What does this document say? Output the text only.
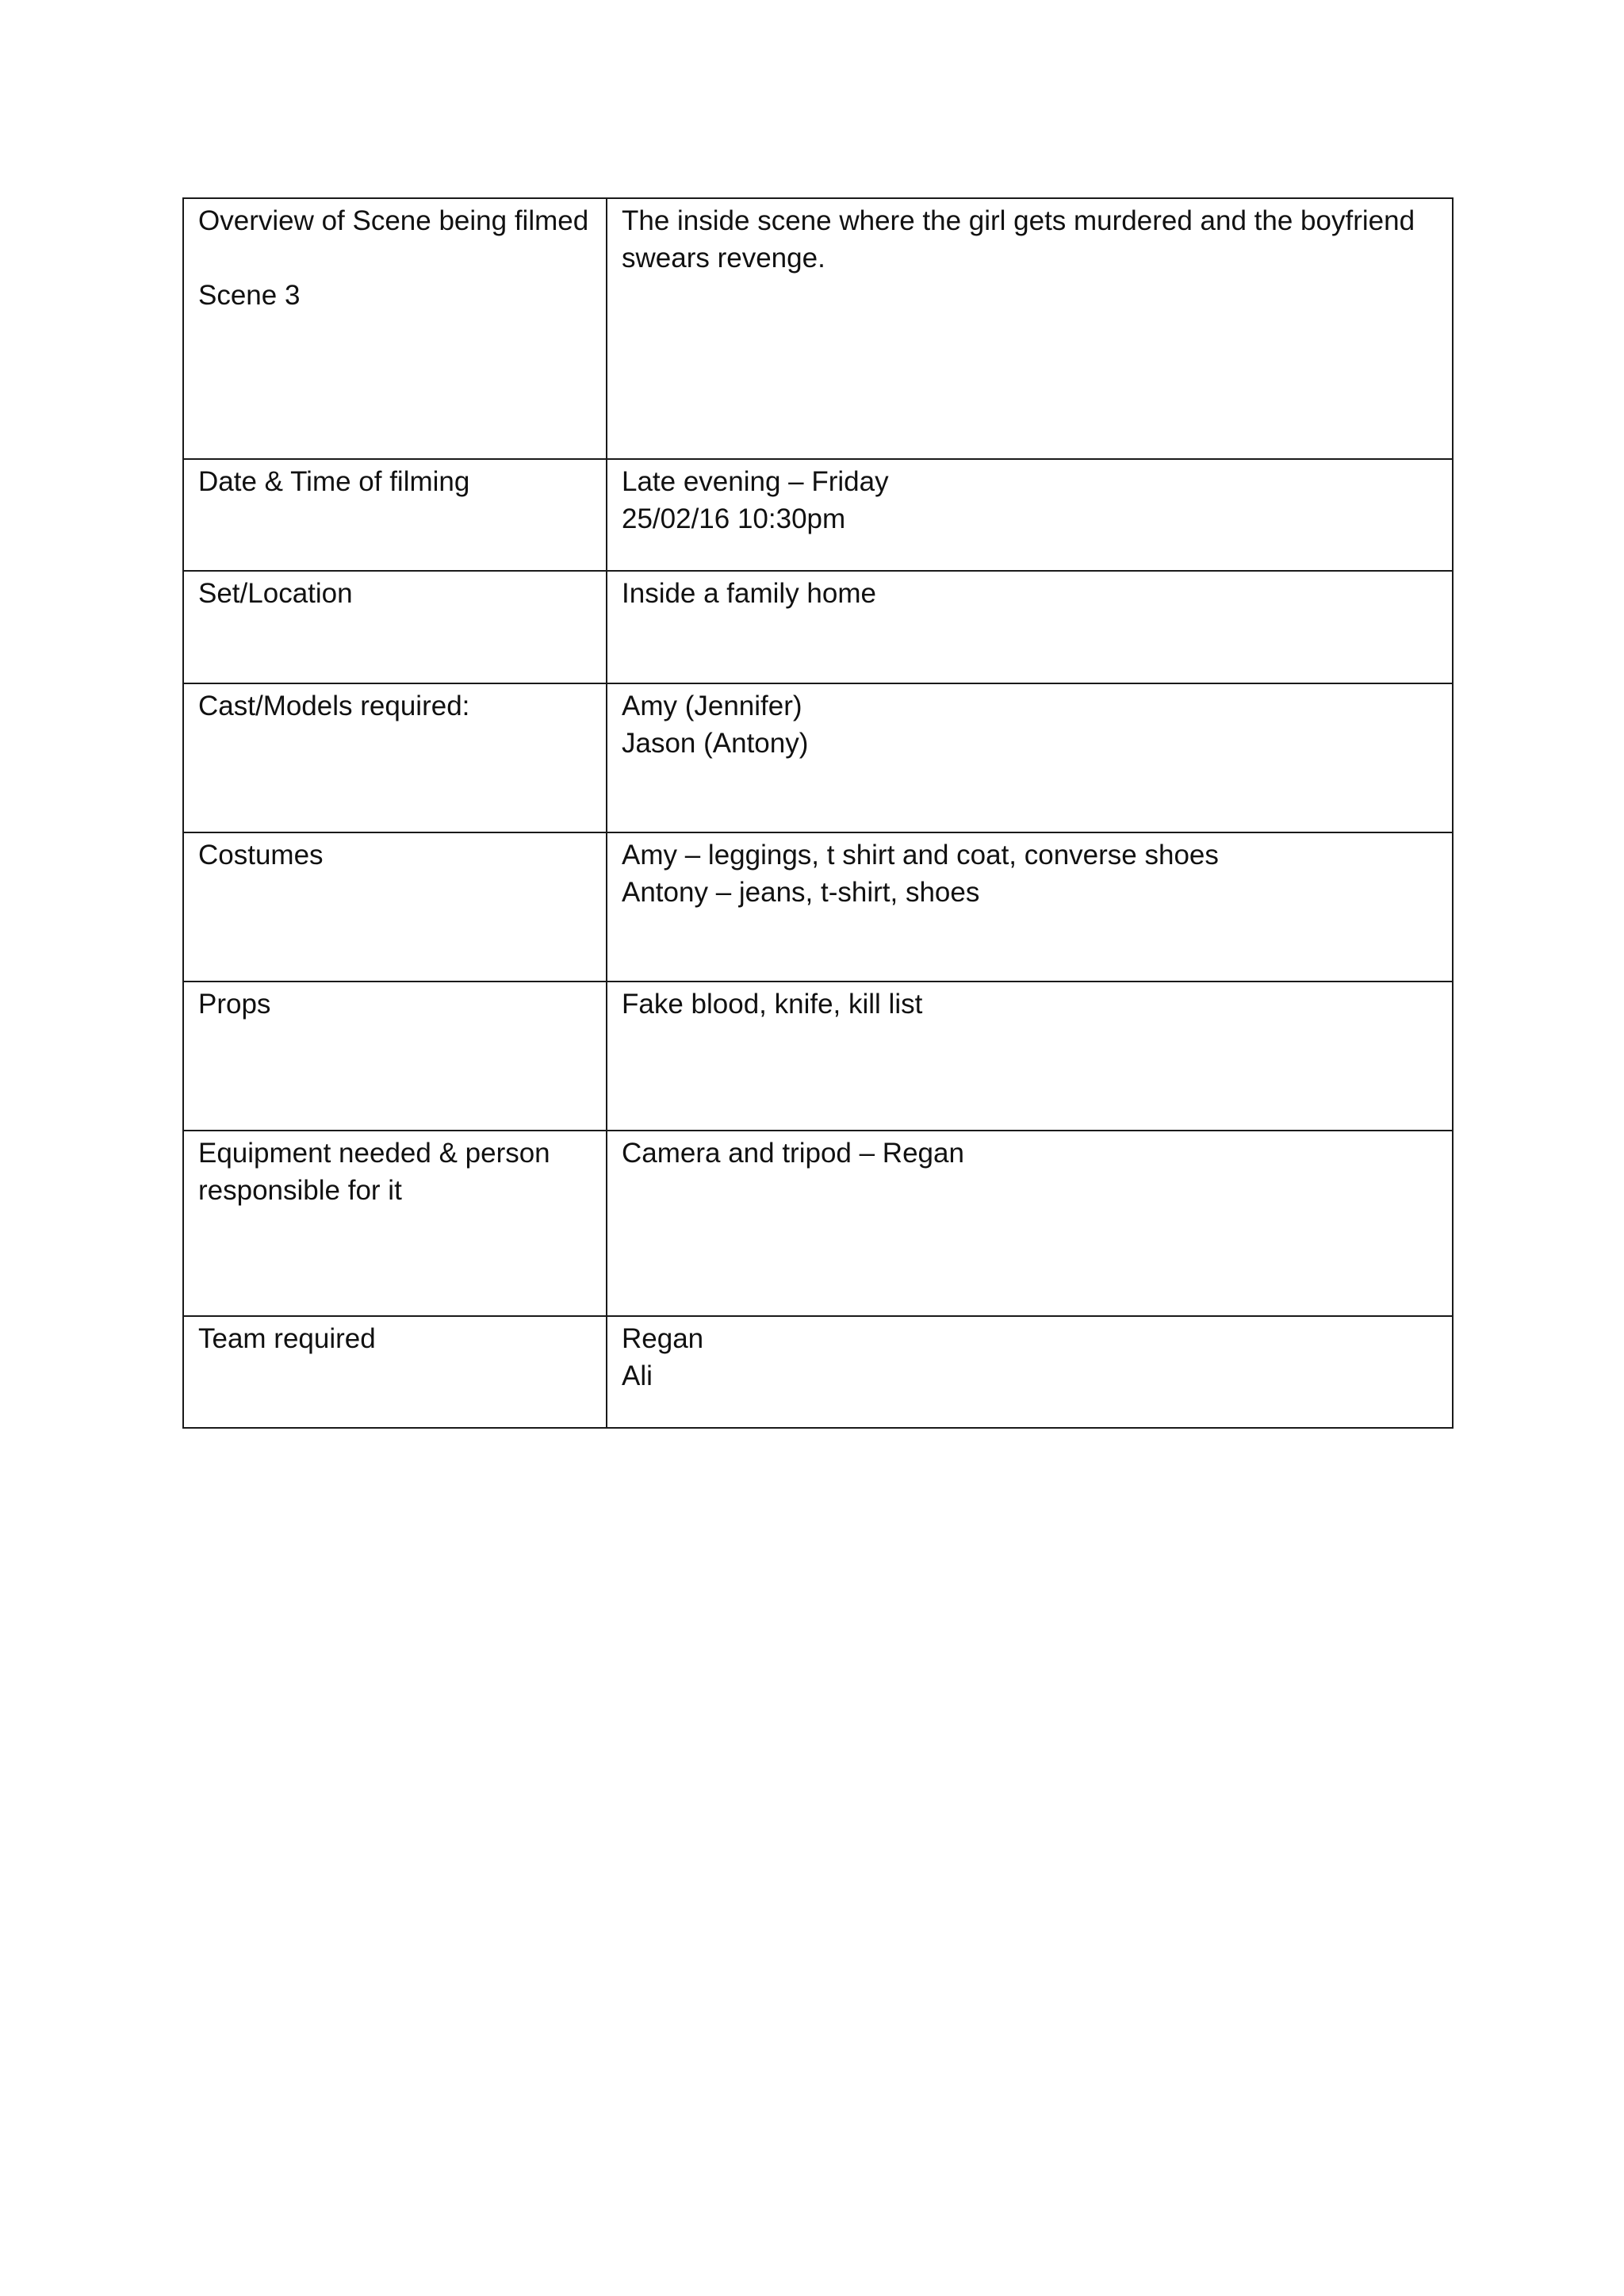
Overview of Scene being filmed
Scene 3	The inside scene where the girl gets murdered and the boyfriend
swears revenge.

Date & Time of filming	Late evening – Friday
25/02/16 10:30pm

Set/Location	Inside a family home

Cast/Models required:	Amy (Jennifer)
Jason (Antony)

Costumes	Amy – leggings, t shirt and coat, converse shoes
Antony – jeans, t-shirt, shoes

Props	Fake blood, knife, kill list

Equipment needed & person
responsible for it	Camera and tripod – Regan

Team required	Regan
Ali
